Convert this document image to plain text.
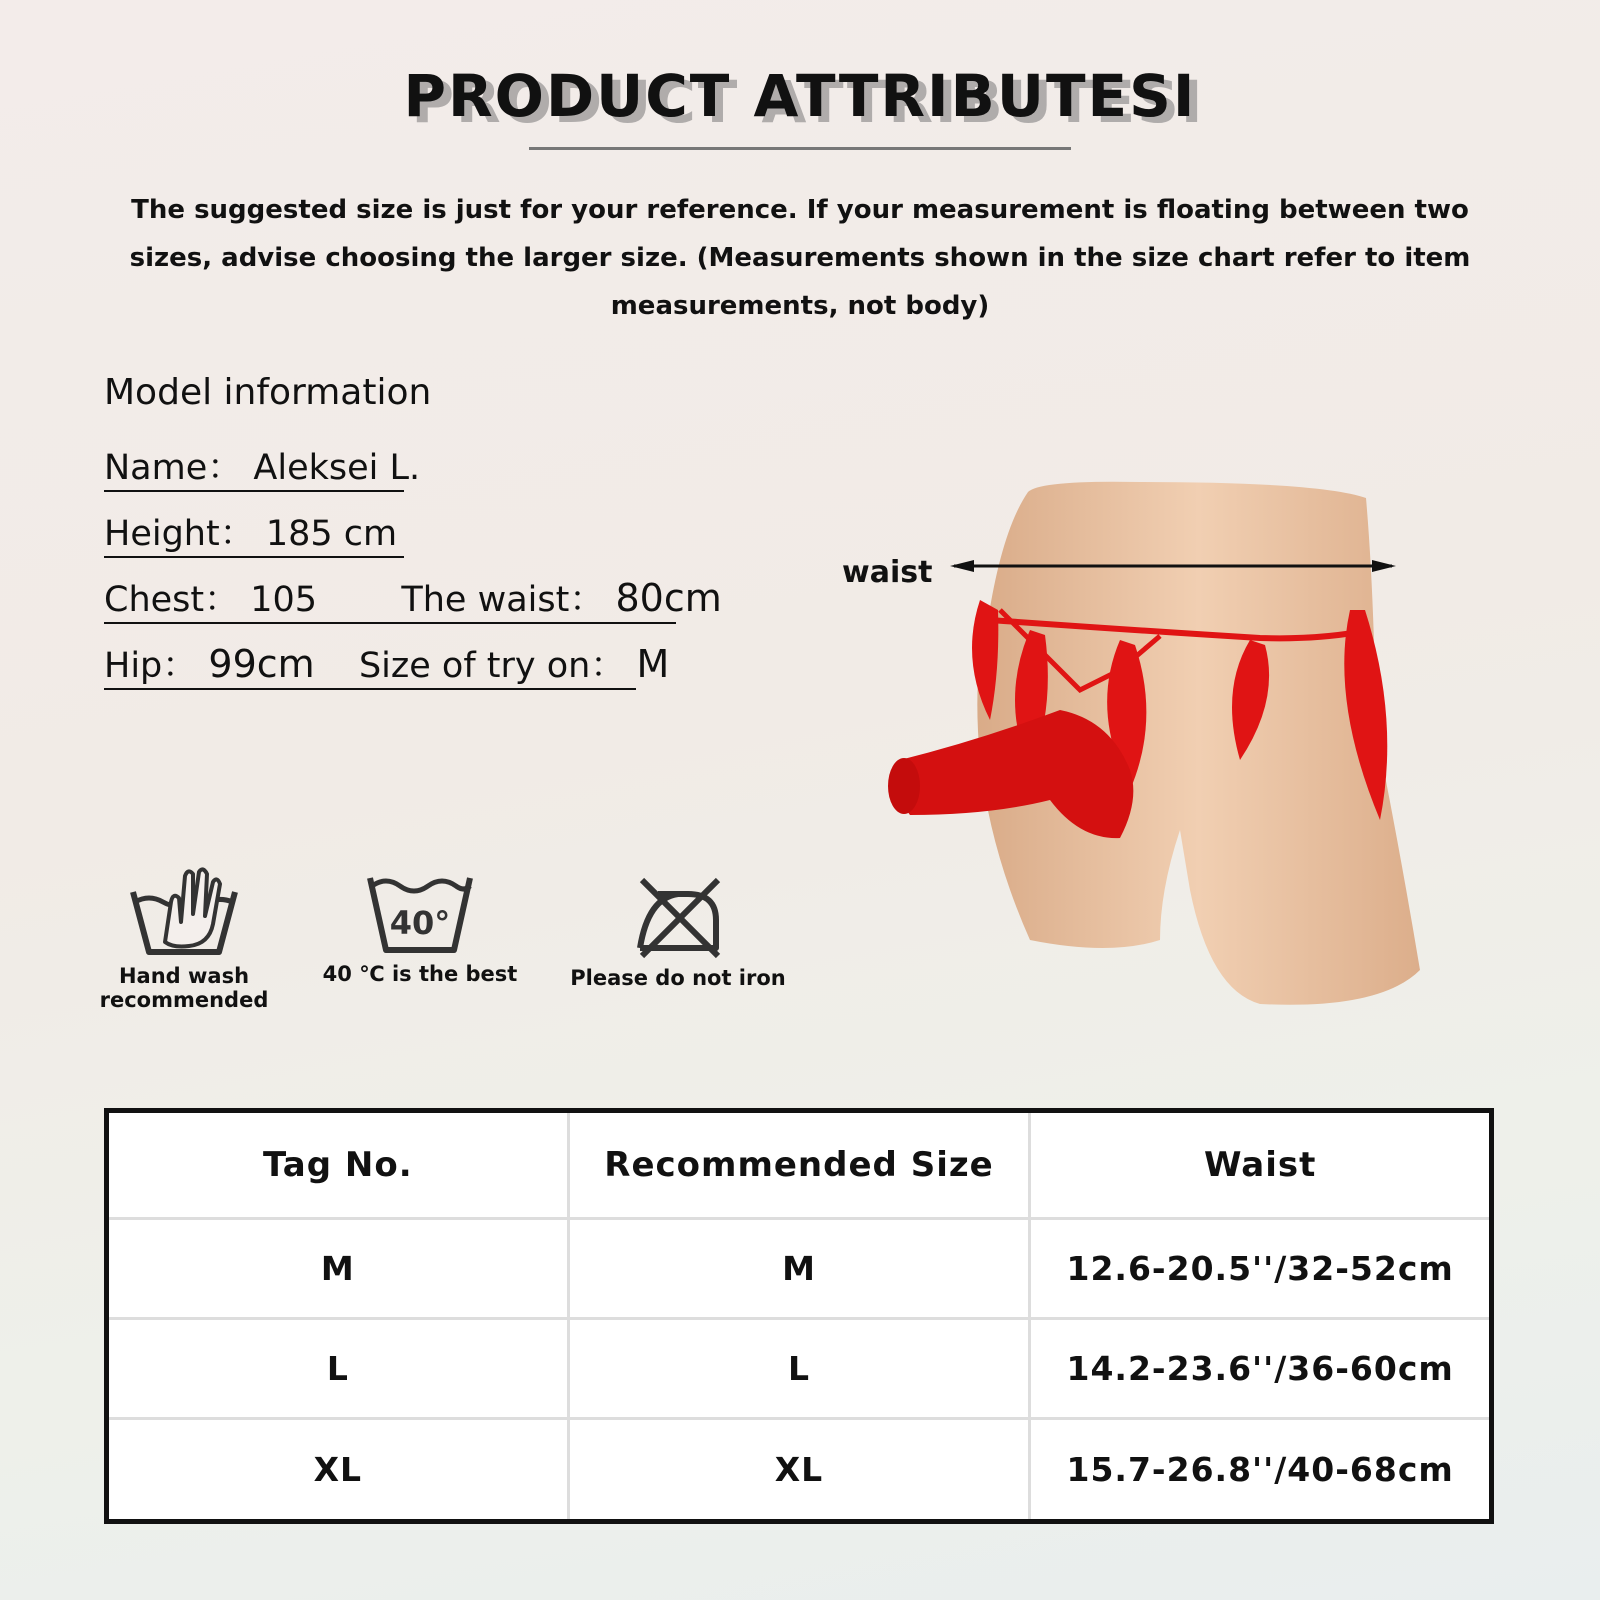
PRODUCT ATTRIBUTESI
The suggested size is just for your reference. If your measurement is floating between two sizes, advise choosing the larger size. (Measurements shown in the size chart refer to item measurements, not body)
Model information
Name： Aleksei L.
Height： 185 cm
Chest： 105 The waist： 80cm
Hip： 99cm Size of try on： M
Hand wash recommended
40°
40 ℃ is the best	Please do not iron
waist
Tag No.	Recommended Size	Waist
M	M	12.6-20.5''/32-52cm
L	L	14.2-23.6''/36-60cm
XL	XL	15.7-26.8''/40-68cm
